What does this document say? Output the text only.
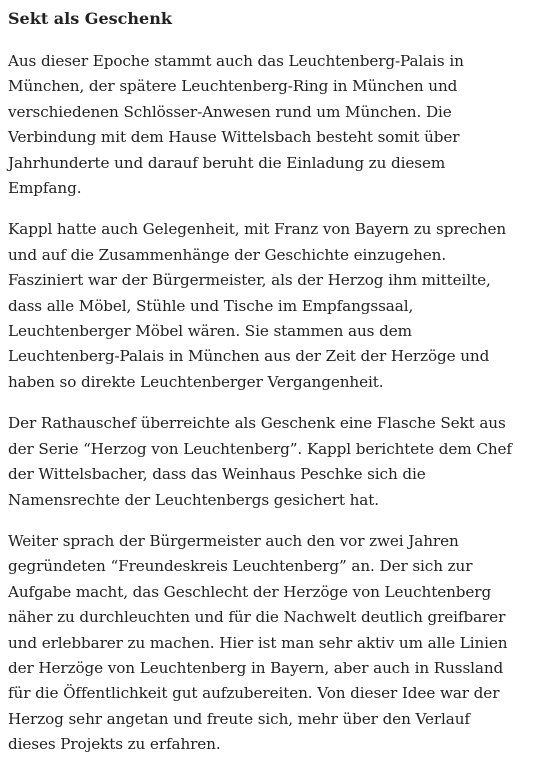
Sekt als Geschenk

Aus dieser Epoche stammt auch das Leuchtenberg-Palais in
München, der spätere Leuchtenberg-Ring in München und
verschiedenen Schlösser-Anwesen rund um München. Die
Verbindung mit dem Hause Wittelsbach besteht somit über
Jahrhunderte und darauf beruht die Einladung zu diesem
Empfang.

Kappl hatte auch Gelegenheit, mit Franz von Bayern zu sprechen
und auf die Zusammenhänge der Geschichte einzugehen.
Fasziniert war der Bürgermeister, als der Herzog ihm mitteilte,
dass alle Möbel, Stühle und Tische im Empfangssaal,
Leuchtenberger Möbel wären. Sie stammen aus dem
Leuchtenberg-Palais in München aus der Zeit der Herzöge und
haben so direkte Leuchtenberger Vergangenheit.

Der Rathauschef überreichte als Geschenk eine Flasche Sekt aus
der Serie “Herzog von Leuchtenberg”. Kappl berichtete dem Chef
der Wittelsbacher, dass das Weinhaus Peschke sich die
Namensrechte der Leuchtenbergs gesichert hat.

Weiter sprach der Bürgermeister auch den vor zwei Jahren
gegründeten “Freundeskreis Leuchtenberg” an. Der sich zur
Aufgabe macht, das Geschlecht der Herzöge von Leuchtenberg
näher zu durchleuchten und für die Nachwelt deutlich greifbarer
und erlebbarer zu machen. Hier ist man sehr aktiv um alle Linien
der Herzöge von Leuchtenberg in Bayern, aber auch in Russland
für die Öffentlichkeit gut aufzubereiten. Von dieser Idee war der
Herzog sehr angetan und freute sich, mehr über den Verlauf
dieses Projekts zu erfahren.
